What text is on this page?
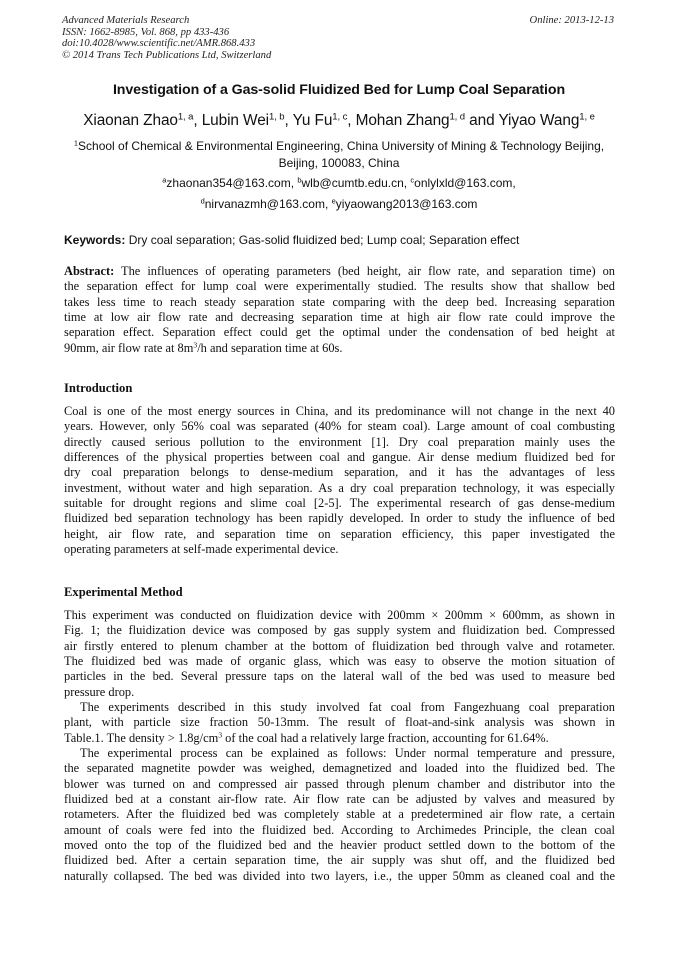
Advanced Materials Research
ISSN: 1662-8985, Vol. 868, pp 433-436
doi:10.4028/www.scientific.net/AMR.868.433
© 2014 Trans Tech Publications Ltd, Switzerland
Online: 2013-12-13
Investigation of a Gas-solid Fluidized Bed for Lump Coal Separation
Xiaonan Zhao$^{1, a}$, Lubin Wei$^{1, b}$, Yu Fu$^{1, c}$, Mohan Zhang$^{1, d}$ and Yiyao Wang$^{1, e}$
$^1$School of Chemical & Environmental Engineering, China University of Mining & Technology Beijing,
Beijing, 100083, China
$^a$zhaonan354@163.com, $^b$wlb@cumtb.edu.cn, $^c$onlylxld@163.com,
$^d$nirvanazmh@163.com, $^e$yiyaowang2013@163.com
Keywords: Dry coal separation; Gas-solid fluidized bed; Lump coal; Separation effect
Abstract: The influences of operating parameters (bed height, air flow rate, and separation time) on
the separation effect for lump coal were experimentally studied. The results show that shallow bed
takes less time to reach steady separation state comparing with the deep bed. Increasing separation
time at low air flow rate and decreasing separation time at high air flow rate could improve the
separation effect. Separation effect could get the optimal under the condensation of bed height at
90mm, air flow rate at $8m^3/h$ and separation time at 60s.
Introduction
Coal is one of the most energy sources in China, and its predominance will not change in the next 40
years. However, only 56% coal was separated (40% for steam coal). Large amount of coal combusting
directly caused serious pollution to the environment [1]. Dry coal preparation mainly uses the
differences of the physical properties between coal and gangue. Air dense medium fluidized bed for
dry coal preparation belongs to dense-medium separation, and it has the advantages of less
investment, without water and high separation. As a dry coal preparation technology, it was especially
suitable for drought regions and slime coal [2-5]. The experimental research of gas dense-medium
fluidized bed separation technology has been rapidly developed. In order to study the influence of bed
height, air flow rate, and separation time on separation efficiency, this paper investigated the
operating parameters at self-made experimental device.
Experimental Method
This experiment was conducted on fluidization device with 200mm × 200mm × 600mm, as shown in
Fig. 1; the fluidization device was composed by gas supply system and fluidization bed. Compressed
air firstly entered to plenum chamber at the bottom of fluidization bed through valve and rotameter.
The fluidized bed was made of organic glass, which was easy to observe the motion situation of
particles in the bed. Several pressure taps on the lateral wall of the bed was used to measure bed
pressure drop.
The experiments described in this study involved fat coal from Fangezhuang coal preparation
plant, with particle size fraction 50-13mm. The result of float-and-sink analysis was shown in
Table.1. The density > $1.8g/cm^3$ of the coal had a relatively large fraction, accounting for 61.64%.
The experimental process can be explained as follows: Under normal temperature and pressure,
the separated magnetite powder was weighed, demagnetized and loaded into the fluidized bed. The
blower was turned on and compressed air passed through plenum chamber and distributor into the
fluidized bed at a constant air-flow rate. Air flow rate can be adjusted by valves and measured by
rotameters. After the fluidized bed was completely stable at a predetermined air flow rate, a certain
amount of coals were fed into the fluidized bed. According to Archimedes Principle, the clean coal
moved onto the top of the fluidized bed and the heavier product settled down to the bottom of the
fluidized bed. After a certain separation time, the air supply was shut off, and the fluidized bed
naturally collapsed. The bed was divided into two layers, i.e., the upper 50mm as cleaned coal and the
